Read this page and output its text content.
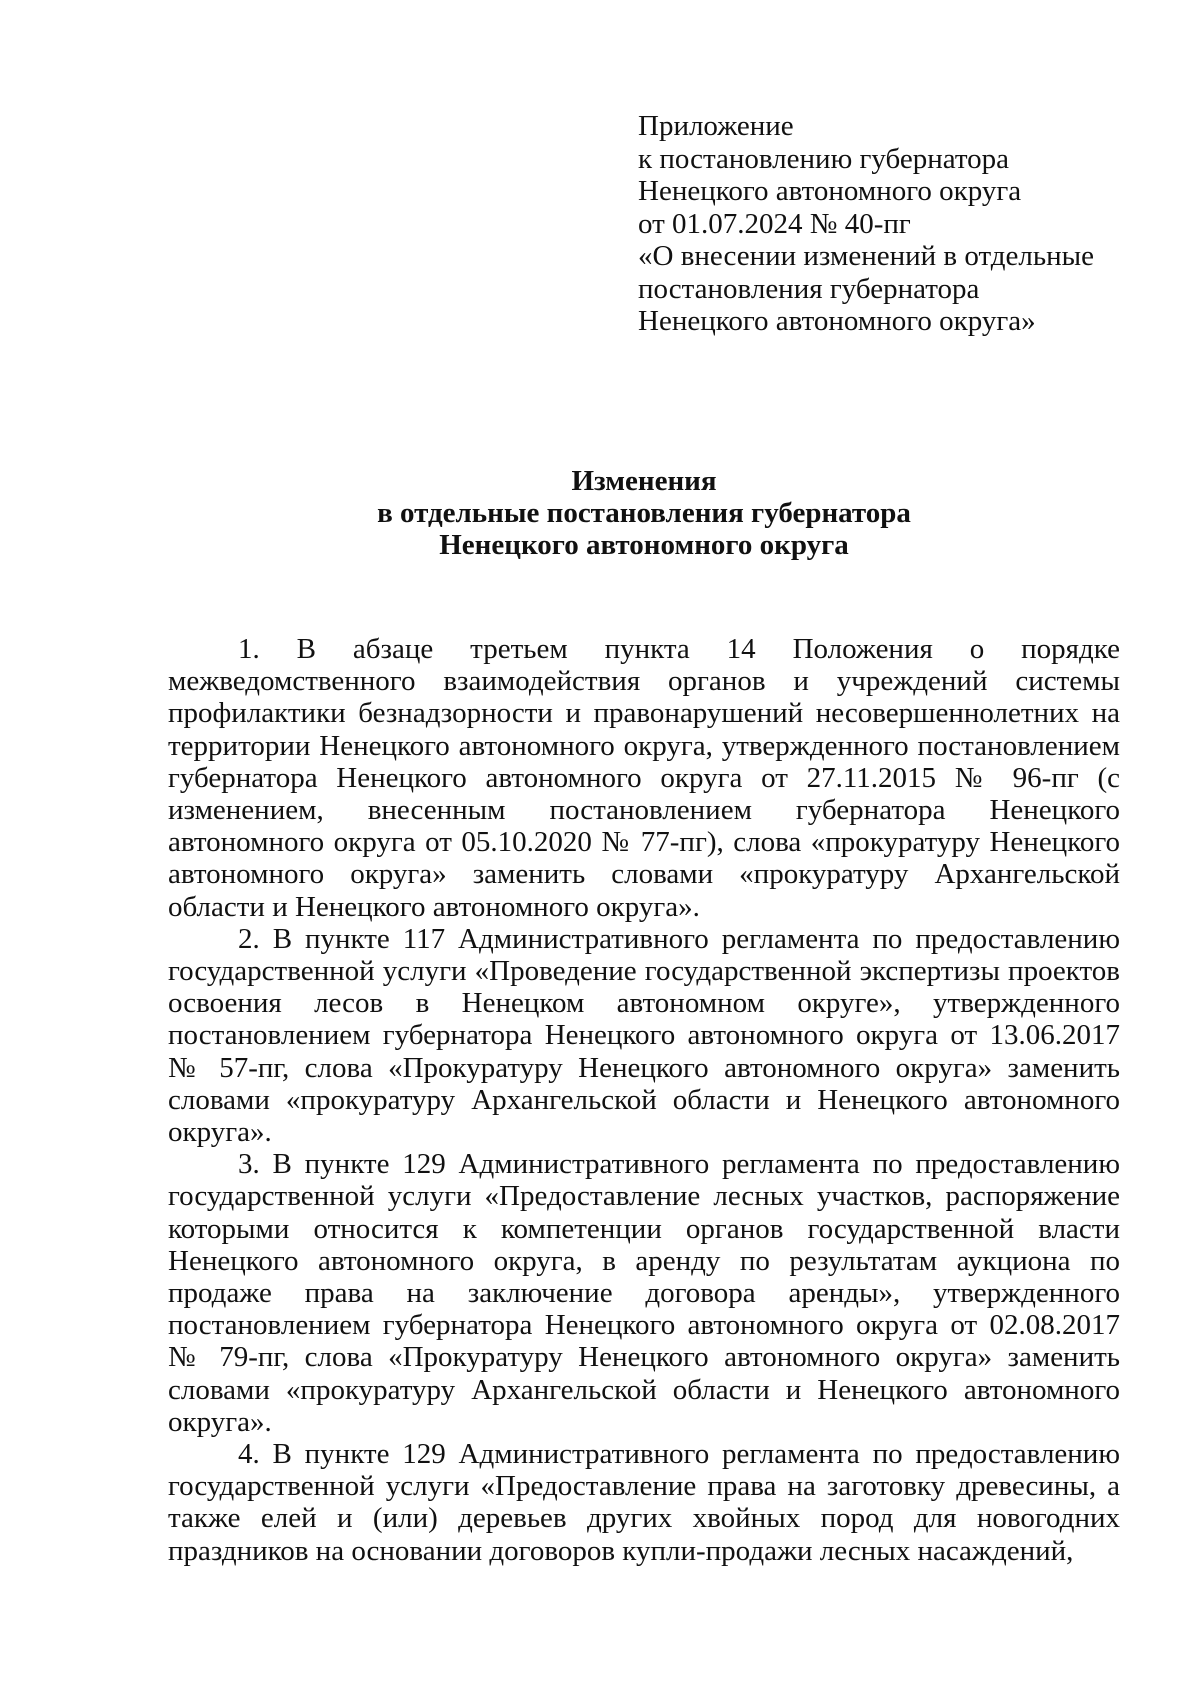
Приложение
к постановлению губернатора
Ненецкого автономного округа
от 01.07.2024 № 40-пг
«О внесении изменений в отдельные
постановления губернатора
Ненецкого автономного округа»
Изменения
в отдельные постановления губернатора
Ненецкого автономного округа

1. В абзаце третьем пункта 14 Положения о порядке межведомственного взаимодействия органов и учреждений системы профилактики безнадзорности и правонарушений несовершеннолетних на территории Ненецкого автономного округа, утвержденного постановлением губернатора Ненецкого автономного округа от 27.11.2015 № 96-пг (с изменением, внесенным постановлением губернатора Ненецкого автономного округа от 05.10.2020 № 77-пг), слова «прокуратуру Ненецкого автономного округа» заменить словами «прокуратуру Архангельской области и Ненецкого автономного округа».

2. В пункте 117 Административного регламента по предоставлению государственной услуги «Проведение государственной экспертизы проектов освоения лесов в Ненецком автономном округе», утвержденного постановлением губернатора Ненецкого автономного округа от 13.06.2017 № 57-пг, слова «Прокуратуру Ненецкого автономного округа» заменить словами «прокуратуру Архангельской области и Ненецкого автономного округа».

3. В пункте 129 Административного регламента по предоставлению государственной услуги «Предоставление лесных участков, распоряжение которыми относится к компетенции органов государственной власти Ненецкого автономного округа, в аренду по результатам аукциона по продаже права на заключение договора аренды», утвержденного постановлением губернатора Ненецкого автономного округа от 02.08.2017 № 79-пг, слова «Прокуратуру Ненецкого автономного округа» заменить словами «прокуратуру Архангельской области и Ненецкого автономного округа».

4. В пункте 129 Административного регламента по предоставлению государственной услуги «Предоставление права на заготовку древесины, а также елей и (или) деревьев других хвойных пород для новогодних праздников на основании договоров купли-продажи лесных насаждений,
